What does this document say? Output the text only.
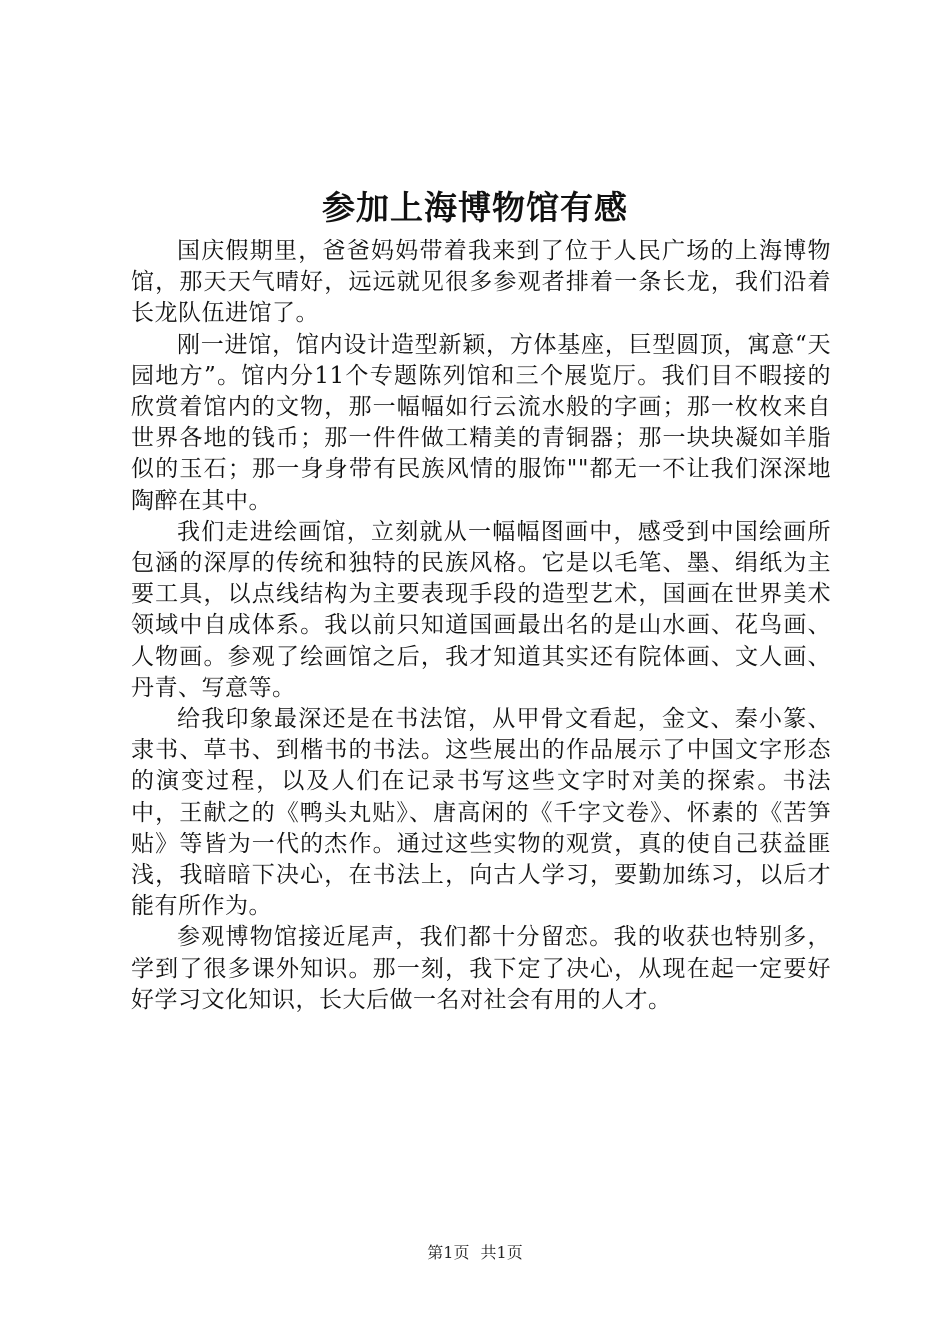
参加上海博物馆有感

国庆假期里，爸爸妈妈带着我来到了位于人民广场的上海博物馆，那天天气晴好，远远就见很多参观者排着一条长龙，我们沿着长龙队伍进馆了。

刚一进馆，馆内设计造型新颖，方体基座，巨型圆顶，寓意“天园地方”。馆内分11个专题陈列馆和三个展览厅。我们目不暇接的欣赏着馆内的文物，那一幅幅如行云流水般的字画；那一枚枚来自世界各地的钱币；那一件件做工精美的青铜器；那一块块凝如羊脂似的玉石；那一身身带有民族风情的服饰""都无一不让我们深深地陶醉在其中。

我们走进绘画馆，立刻就从一幅幅图画中，感受到中国绘画所包涵的深厚的传统和独特的民族风格。它是以毛笔、墨、绢纸为主要工具，以点线结构为主要表现手段的造型艺术，国画在世界美术领域中自成体系。我以前只知道国画最出名的是山水画、花鸟画、人物画。参观了绘画馆之后，我才知道其实还有院体画、文人画、丹青、写意等。

给我印象最深还是在书法馆，从甲骨文看起，金文、秦小篆、隶书、草书、到楷书的书法。这些展出的作品展示了中国文字形态的演变过程，以及人们在记录书写这些文字时对美的探索。书法中，王献之的《鸭头丸贴》、唐高闲的《千字文卷》、怀素的《苦笋贴》等皆为一代的杰作。通过这些实物的观赏，真的使自己获益匪浅，我暗暗下决心，在书法上，向古人学习，要勤加练习，以后才能有所作为。

参观博物馆接近尾声，我们都十分留恋。我的收获也特别多，学到了很多课外知识。那一刻，我下定了决心，从现在起一定要好好学习文化知识，长大后做一名对社会有用的人才。

第1页 共1页
